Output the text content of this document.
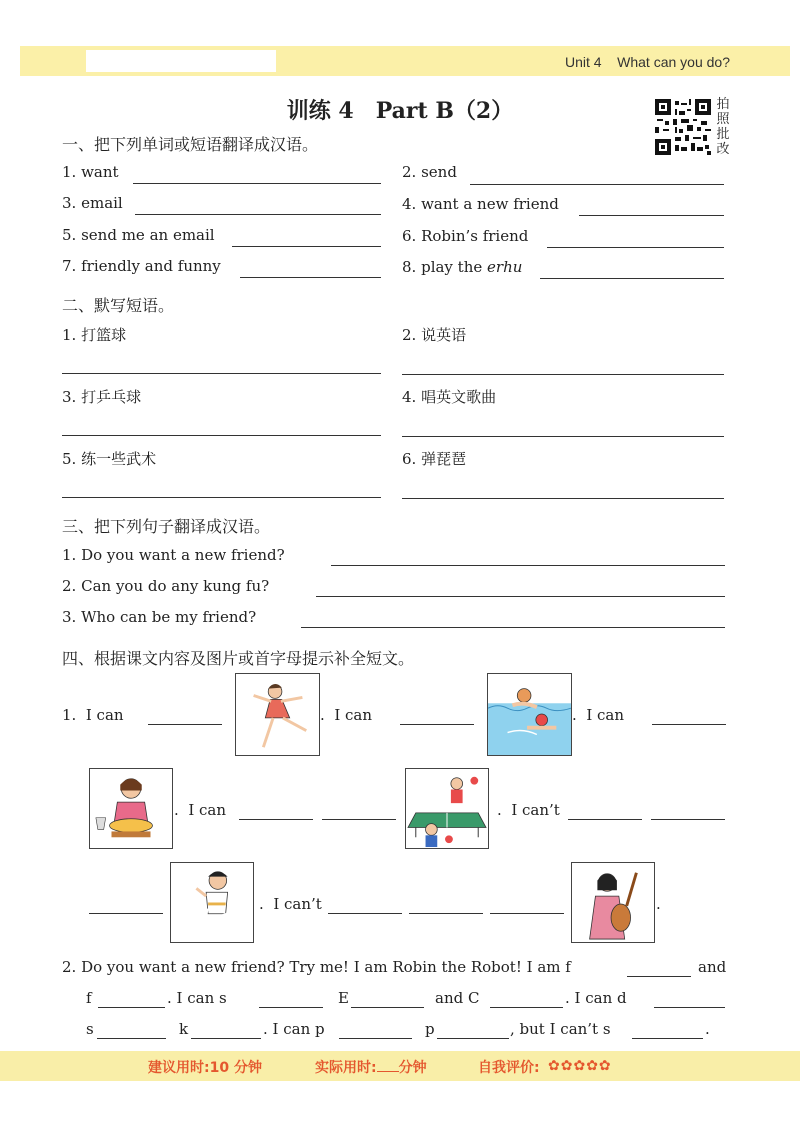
Unit 4 What can you do?
训练 4　Part B（2）	拍
照
批
改
一、把下列单词或短语翻译成汉语。
1. want	2. send
3. email	4. want a new friend
5. send me an email	6. Robin’s friend
7. friendly and funny	8. play the erhu
二、默写短语。
1. 打篮球	2. 说英语
3. 打乒乓球	4. 唱英文歌曲
5. 练一些武术	6. 弹琵琶
三、把下列句子翻译成汉语。
1. Do you want a new friend?
2. Can you do any kung fu?
3. Who can be my friend?
四、根据课文内容及图片或首字母提示补全短文。
1. I can	.  I can	.  I can
.  I can	.  I can’t
.  I can’t	.
2. Do you want a new friend? Try me! I am Robin the Robot! I am f	and
f	. I can s	E	and C	. I can d
s	k	. I can p	p	, but I can’t s	.
建议用时:10 分钟	实际用时: 分钟	自我评价: ✿✿✿✿✿
